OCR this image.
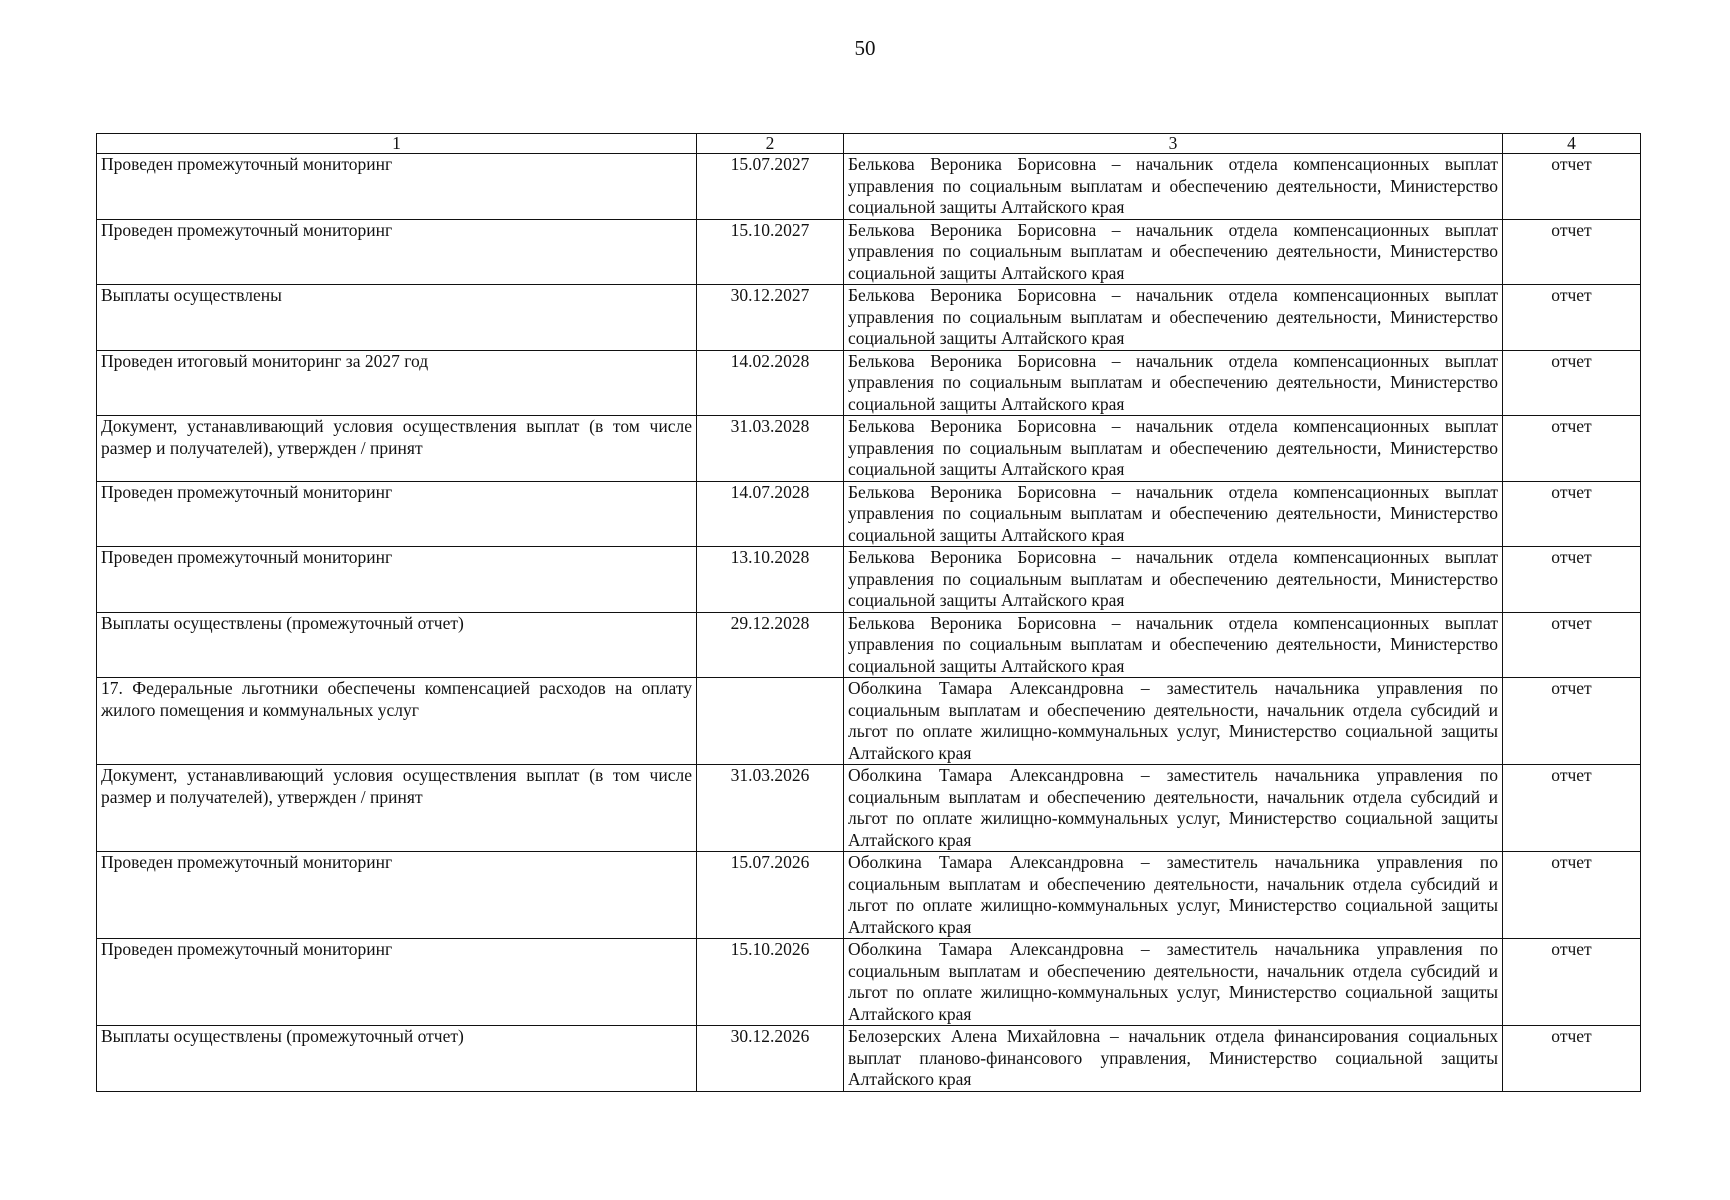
50
1	2	3	4
Проведен промежуточный мониторинг	15.07.2027	Белькова Вероника Борисовна – начальник отдела компенсационных выплат управления по социальным выплатам и обеспечению деятельности, Министерство социальной защиты Алтайского края	отчет
Проведен промежуточный мониторинг	15.10.2027	Белькова Вероника Борисовна – начальник отдела компенсационных выплат управления по социальным выплатам и обеспечению деятельности, Министерство социальной защиты Алтайского края	отчет
Выплаты осуществлены	30.12.2027	Белькова Вероника Борисовна – начальник отдела компенсационных выплат управления по социальным выплатам и обеспечению деятельности, Министерство социальной защиты Алтайского края	отчет
Проведен итоговый мониторинг за 2027 год	14.02.2028	Белькова Вероника Борисовна – начальник отдела компенсационных выплат управления по социальным выплатам и обеспечению деятельности, Министерство социальной защиты Алтайского края	отчет
Документ, устанавливающий условия осуществления выплат (в том числе размер и получателей), утвержден / принят	31.03.2028	Белькова Вероника Борисовна – начальник отдела компенсационных выплат управления по социальным выплатам и обеспечению деятельности, Министерство социальной защиты Алтайского края	отчет
Проведен промежуточный мониторинг	14.07.2028	Белькова Вероника Борисовна – начальник отдела компенсационных выплат управления по социальным выплатам и обеспечению деятельности, Министерство социальной защиты Алтайского края	отчет
Проведен промежуточный мониторинг	13.10.2028	Белькова Вероника Борисовна – начальник отдела компенсационных выплат управления по социальным выплатам и обеспечению деятельности, Министерство социальной защиты Алтайского края	отчет
Выплаты осуществлены (промежуточный отчет)	29.12.2028	Белькова Вероника Борисовна – начальник отдела компенсационных выплат управления по социальным выплатам и обеспечению деятельности, Министерство социальной защиты Алтайского края	отчет
17. Федеральные льготники обеспечены компенсацией расходов на оплату жилого помещения и коммунальных услуг		Оболкина Тамара Александровна – заместитель начальника управления по социальным выплатам и обеспечению деятельности, начальник отдела субсидий и льгот по оплате жилищно-коммунальных услуг, Министерство социальной защиты Алтайского края	отчет
Документ, устанавливающий условия осуществления выплат (в том числе размер и получателей), утвержден / принят	31.03.2026	Оболкина Тамара Александровна – заместитель начальника управления по социальным выплатам и обеспечению деятельности, начальник отдела субсидий и льгот по оплате жилищно-коммунальных услуг, Министерство социальной защиты Алтайского края	отчет
Проведен промежуточный мониторинг	15.07.2026	Оболкина Тамара Александровна – заместитель начальника управления по социальным выплатам и обеспечению деятельности, начальник отдела субсидий и льгот по оплате жилищно-коммунальных услуг, Министерство социальной защиты Алтайского края	отчет
Проведен промежуточный мониторинг	15.10.2026	Оболкина Тамара Александровна – заместитель начальника управления по социальным выплатам и обеспечению деятельности, начальник отдела субсидий и льгот по оплате жилищно-коммунальных услуг, Министерство социальной защиты Алтайского края	отчет
Выплаты осуществлены (промежуточный отчет)	30.12.2026	Белозерских Алена Михайловна – начальник отдела финансирования социальных выплат планово-финансового управления, Министерство социальной защиты Алтайского края	отчет
